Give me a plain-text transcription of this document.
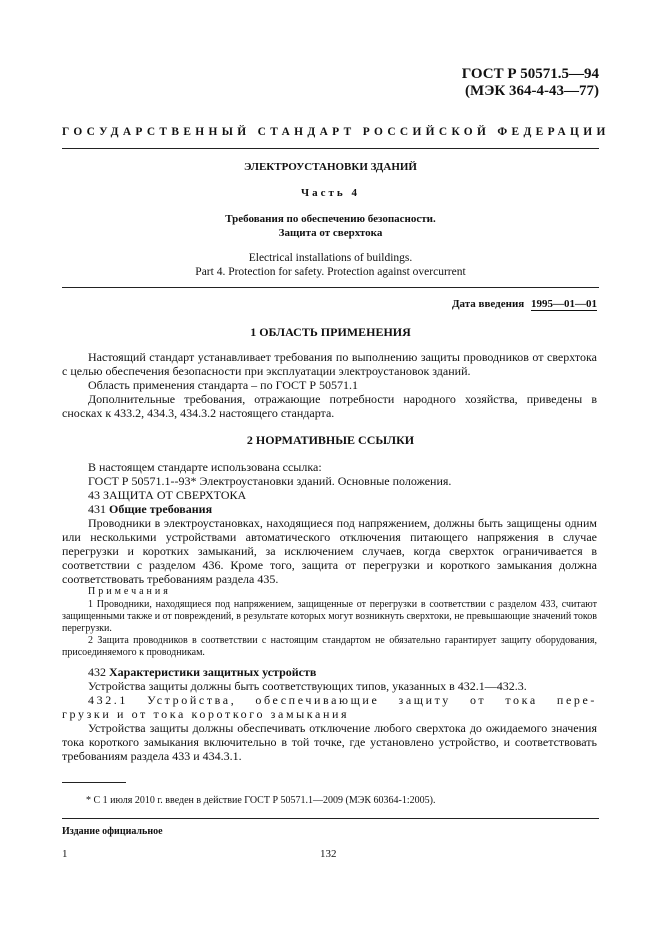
ГОСТ Р 50571.5—94
(МЭК 364-4-43—77)
ГОСУДАРСТВЕННЫЙ СТАНДАРТ РОССИЙСКОЙ ФЕДЕРАЦИИ
ЭЛЕКТРОУСТАНОВКИ ЗДАНИЙ
Часть 4
Требования по обеспечению безопасности.
Защита от сверхтока
Electrical installations of buildings.
Part 4. Protection for safety. Protection against overcurrent
Дата введения 1995—01—01
1 ОБЛАСТЬ ПРИМЕНЕНИЯ
Настоящий стандарт устанавливает требования по выполнению защиты проводников от сверхтока с целью обеспечения безопасности при эксплуатации электроустановок зданий.
Область применения стандарта – по ГОСТ Р 50571.1
Дополнительные требования, отражающие потребности народного хозяйства, приведены в сносках к 433.2, 434.3, 434.3.2 настоящего стандарта.
2 НОРМАТИВНЫЕ ССЫЛКИ
В настоящем стандарте использована ссылка:
ГОСТ Р 50571.1--93* Электроустановки зданий. Основные положения.
43 ЗАЩИТА ОТ СВЕРХТОКА
431 Общие требования
Проводники в электроустановках, находящиеся под напряжением, должны быть защищены одним или несколькими устройствами автоматического отключения питающего напряжения в случае перегрузки и коротких замыканий, за исключением случаев, когда сверхток ограничивается в соответствии с разделом 436. Кроме того, защита от перегрузки и короткого замыкания должна соответствовать требованиям раздела 435.
Примечания
1 Проводники, находящиеся под напряжением, защищенные от перегрузки в соответствии с разделом 433, считают защищенными также и от повреждений, в результате которых могут возникнуть сверхтоки, не превышающие значений токов перегрузки.
2 Защита проводников в соответствии с настоящим стандартом не обязательно гарантирует защиту оборудования, присоединяемого к проводникам.
432 Характеристики защитных устройств
Устройства защиты должны быть соответствующих типов, указанных в 432.1—432.3.
432.1 Устройства, обеспечивающие защиту от тока пере-
грузки и от тока короткого замыкания
Устройства защиты должны обеспечивать отключение любого сверхтока до ожидаемого значения тока короткого замыкания включительно в той точке, где установлено устройство, и соответствовать требованиям раздела 433 и 434.3.1.
* С 1 июля 2010 г. введен в действие ГОСТ Р 50571.1—2009 (МЭК 60364-1:2005).
Издание официальное
1	132
